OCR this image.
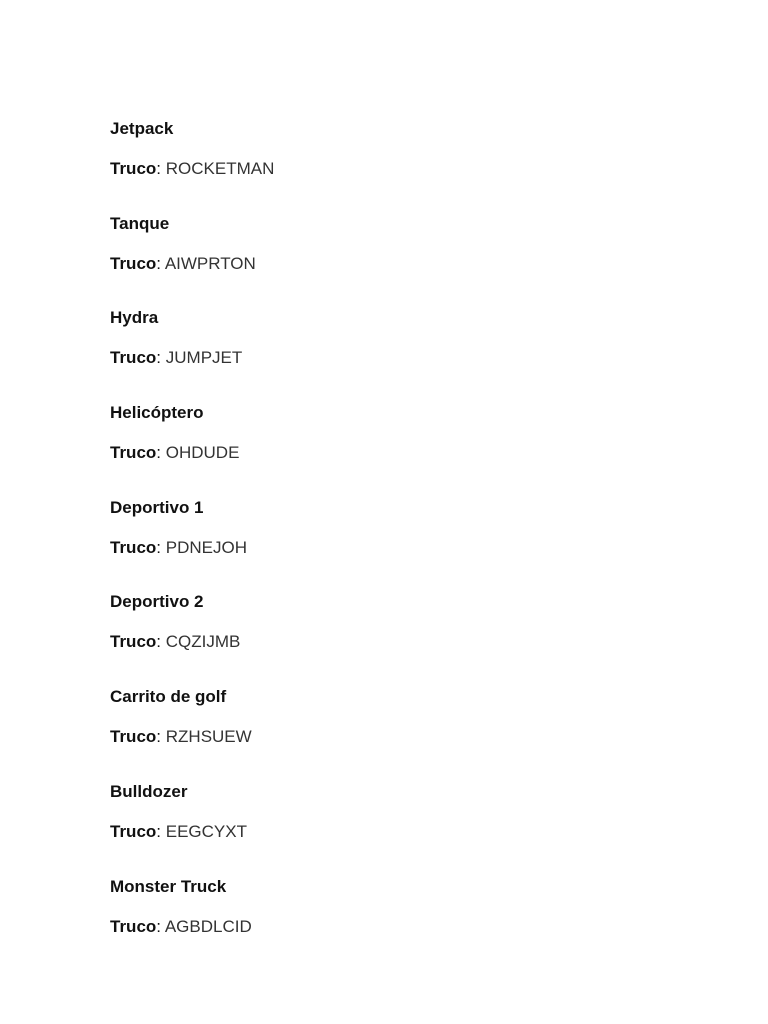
Jetpack
Truco: ROCKETMAN
Tanque
Truco: AIWPRTON
Hydra
Truco: JUMPJET
Helicóptero
Truco: OHDUDE
Deportivo 1
Truco: PDNEJOH
Deportivo 2
Truco: CQZIJMB
Carrito de golf
Truco: RZHSUEW
Bulldozer
Truco: EEGCYXT
Monster Truck
Truco: AGBDLCID
